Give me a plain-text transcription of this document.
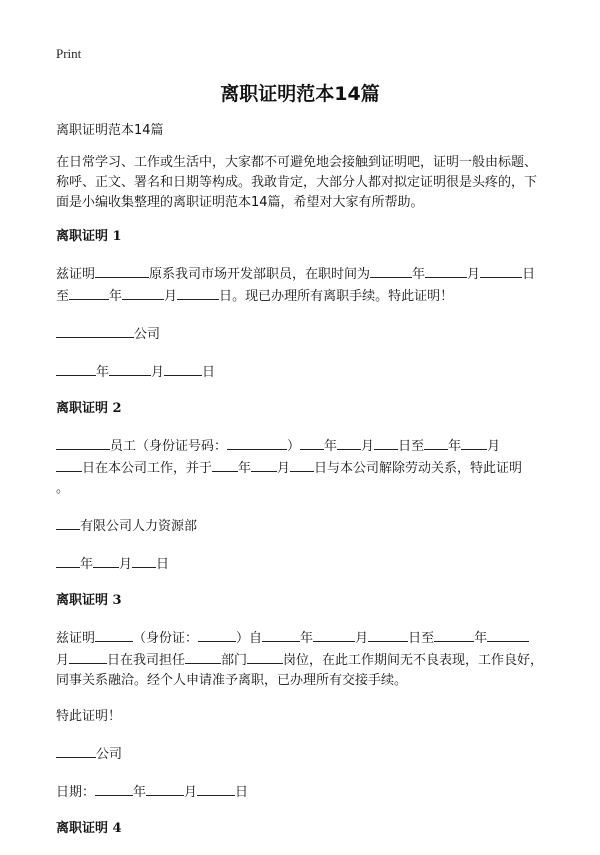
Print
离职证明范本14篇

离职证明范本14篇

在日常学习、工作或生活中，大家都不可避免地会接触到证明吧，证明一般由标题、称呼、正文、署名和日期等构成。我敢肯定，大部分人都对拟定证明很是头疼的，下面是小编收集整理的离职证明范本14篇，希望对大家有所帮助。

离职证明 1

兹证明	原系我司市场开发部职员，在职时间为	年	月	日
至	年	月	日。现已办理所有离职手续。特此证明！

公司

年	月	日

离职证明 2

员工（身份证号码：	） 年 月 日至 年 月
日在本公司工作，并于 年 月 日与本公司解除劳动关系，特此证明
。

有限公司人力资源部

年 月 日

离职证明 3

兹证明	（身份证：	）自	年	月	日至	年
月	日在我司担任	部门	岗位，在此工作期间无不良表现，工作良好，同事关系融洽。经个人申请准予离职，已办理所有交接手续。

特此证明！

公司

日期：	年	月	日

离职证明 4
